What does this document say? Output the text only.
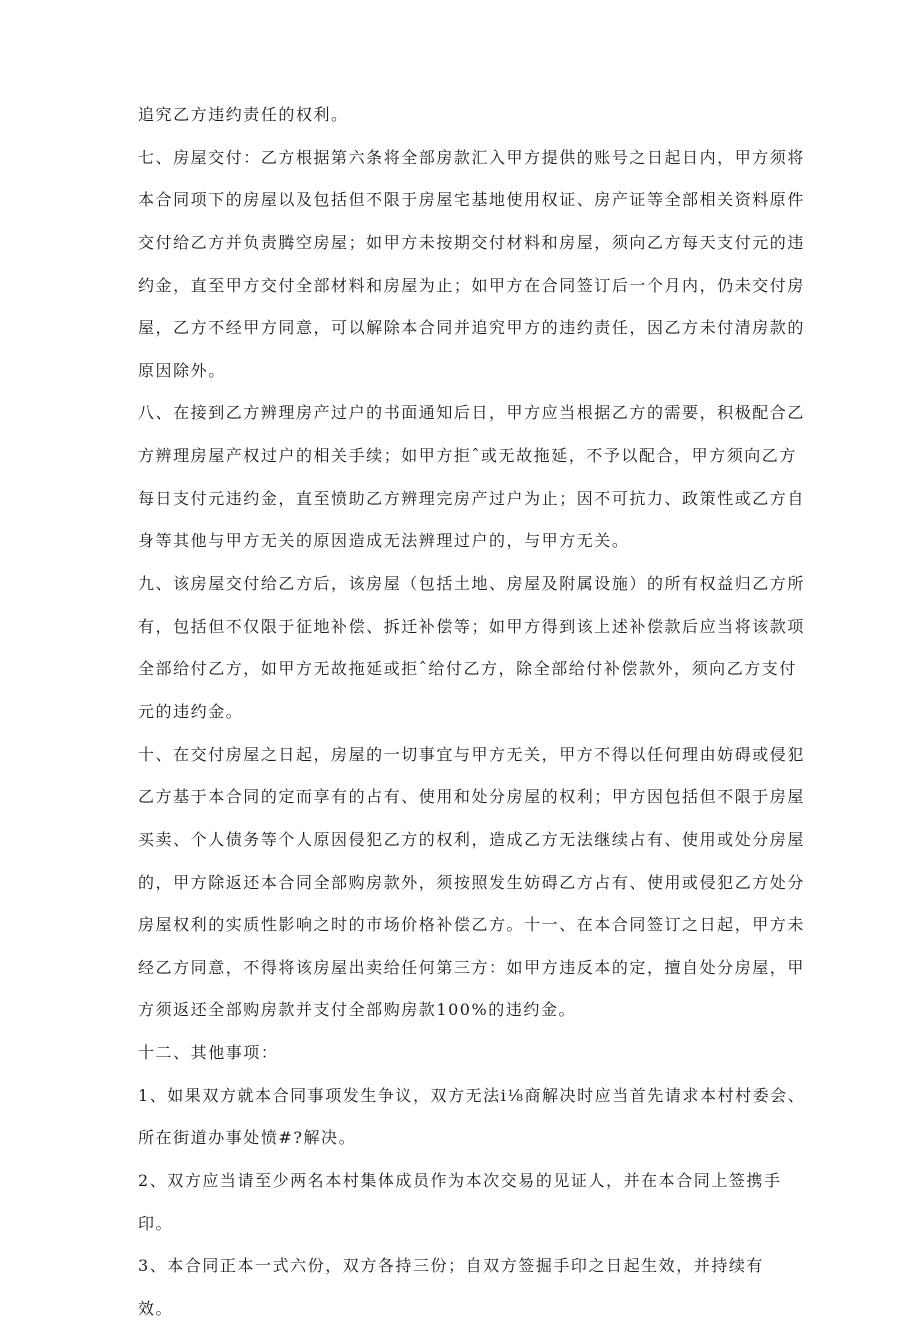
追究乙方违约责任的权利。
七、房屋交付：乙方根据第六条将全部房款汇入甲方提供的账号之日起日内，甲方须将
本合同项下的房屋以及包括但不限于房屋宅基地使用权证、房产证等全部相关资料原件
交付给乙方并负责腾空房屋；如甲方未按期交付材料和房屋，须向乙方每天支付元的违
约金，直至甲方交付全部材料和房屋为止；如甲方在合同签订后一个月内，仍未交付房
屋，乙方不经甲方同意，可以解除本合同并追究甲方的违约责任，因乙方未付清房款的
原因除外。
八、在接到乙方辨理房产过户的书面通知后日，甲方应当根据乙方的需要，积极配合乙
方辨理房屋产权过户的相关手续；如甲方拒ˆ或无故拖延，不予以配合，甲方须向乙方
每日支付元违约金，直至愤助乙方辨理完房产过户为止；因不可抗力、政策性或乙方自
身等其他与甲方无关的原因造成无法辨理过户的，与甲方无关。
九、该房屋交付给乙方后，该房屋（包括土地、房屋及附属设施）的所有权益归乙方所
有，包括但不仅限于征地补偿、拆迁补偿等；如甲方得到该上述补偿款后应当将该款项
全部给付乙方，如甲方无故拖延或拒ˆ给付乙方，除全部给付补偿款外，须向乙方支付
元的违约金。
十、在交付房屋之日起，房屋的一切事宜与甲方无关，甲方不得以任何理由妨碍或侵犯
乙方基于本合同的定而享有的占有、使用和处分房屋的权利；甲方因包括但不限于房屋
买卖、个人债务等个人原因侵犯乙方的权利，造成乙方无法继续占有、使用或处分房屋
的，甲方除返还本合同全部购房款外，须按照发生妨碍乙方占有、使用或侵犯乙方处分
房屋权利的实质性影响之时的市场价格补偿乙方。十一、在本合同签订之日起，甲方未
经乙方同意，不得将该房屋出卖给任何第三方：如甲方违反本的定，擅自处分房屋，甲
方须返还全部购房款并支付全部购房款100%的违约金。
十二、其他事项：
1、如果双方就本合同事项发生争议，双方无法i⅛商解决时应当首先请求本村村委会、
所在街道办事处愤#?解决。
2、双方应当请至少两名本村集体成员作为本次交易的见证人，并在本合同上签携手
印。
3、本合同正本一式六份，双方各持三份；自双方签掘手印之日起生效，并持续有
效。
